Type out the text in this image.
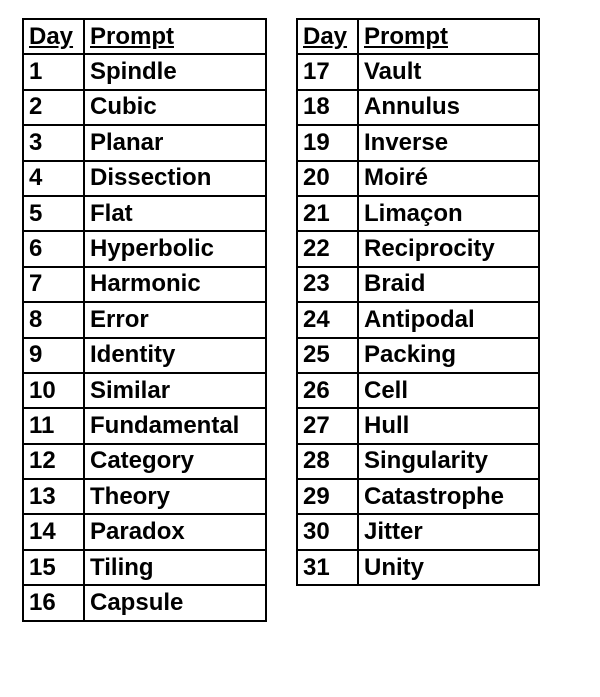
Day	Prompt
1	Spindle
2	Cubic
3	Planar
4	Dissection
5	Flat
6	Hyperbolic
7	Harmonic
8	Error
9	Identity
10	Similar
11	Fundamental
12	Category
13	Theory
14	Paradox
15	Tiling
16	Capsule
Day	Prompt
17	Vault
18	Annulus
19	Inverse
20	Moiré
21	Limaçon
22	Reciprocity
23	Braid
24	Antipodal
25	Packing
26	Cell
27	Hull
28	Singularity
29	Catastrophe
30	Jitter
31	Unity
